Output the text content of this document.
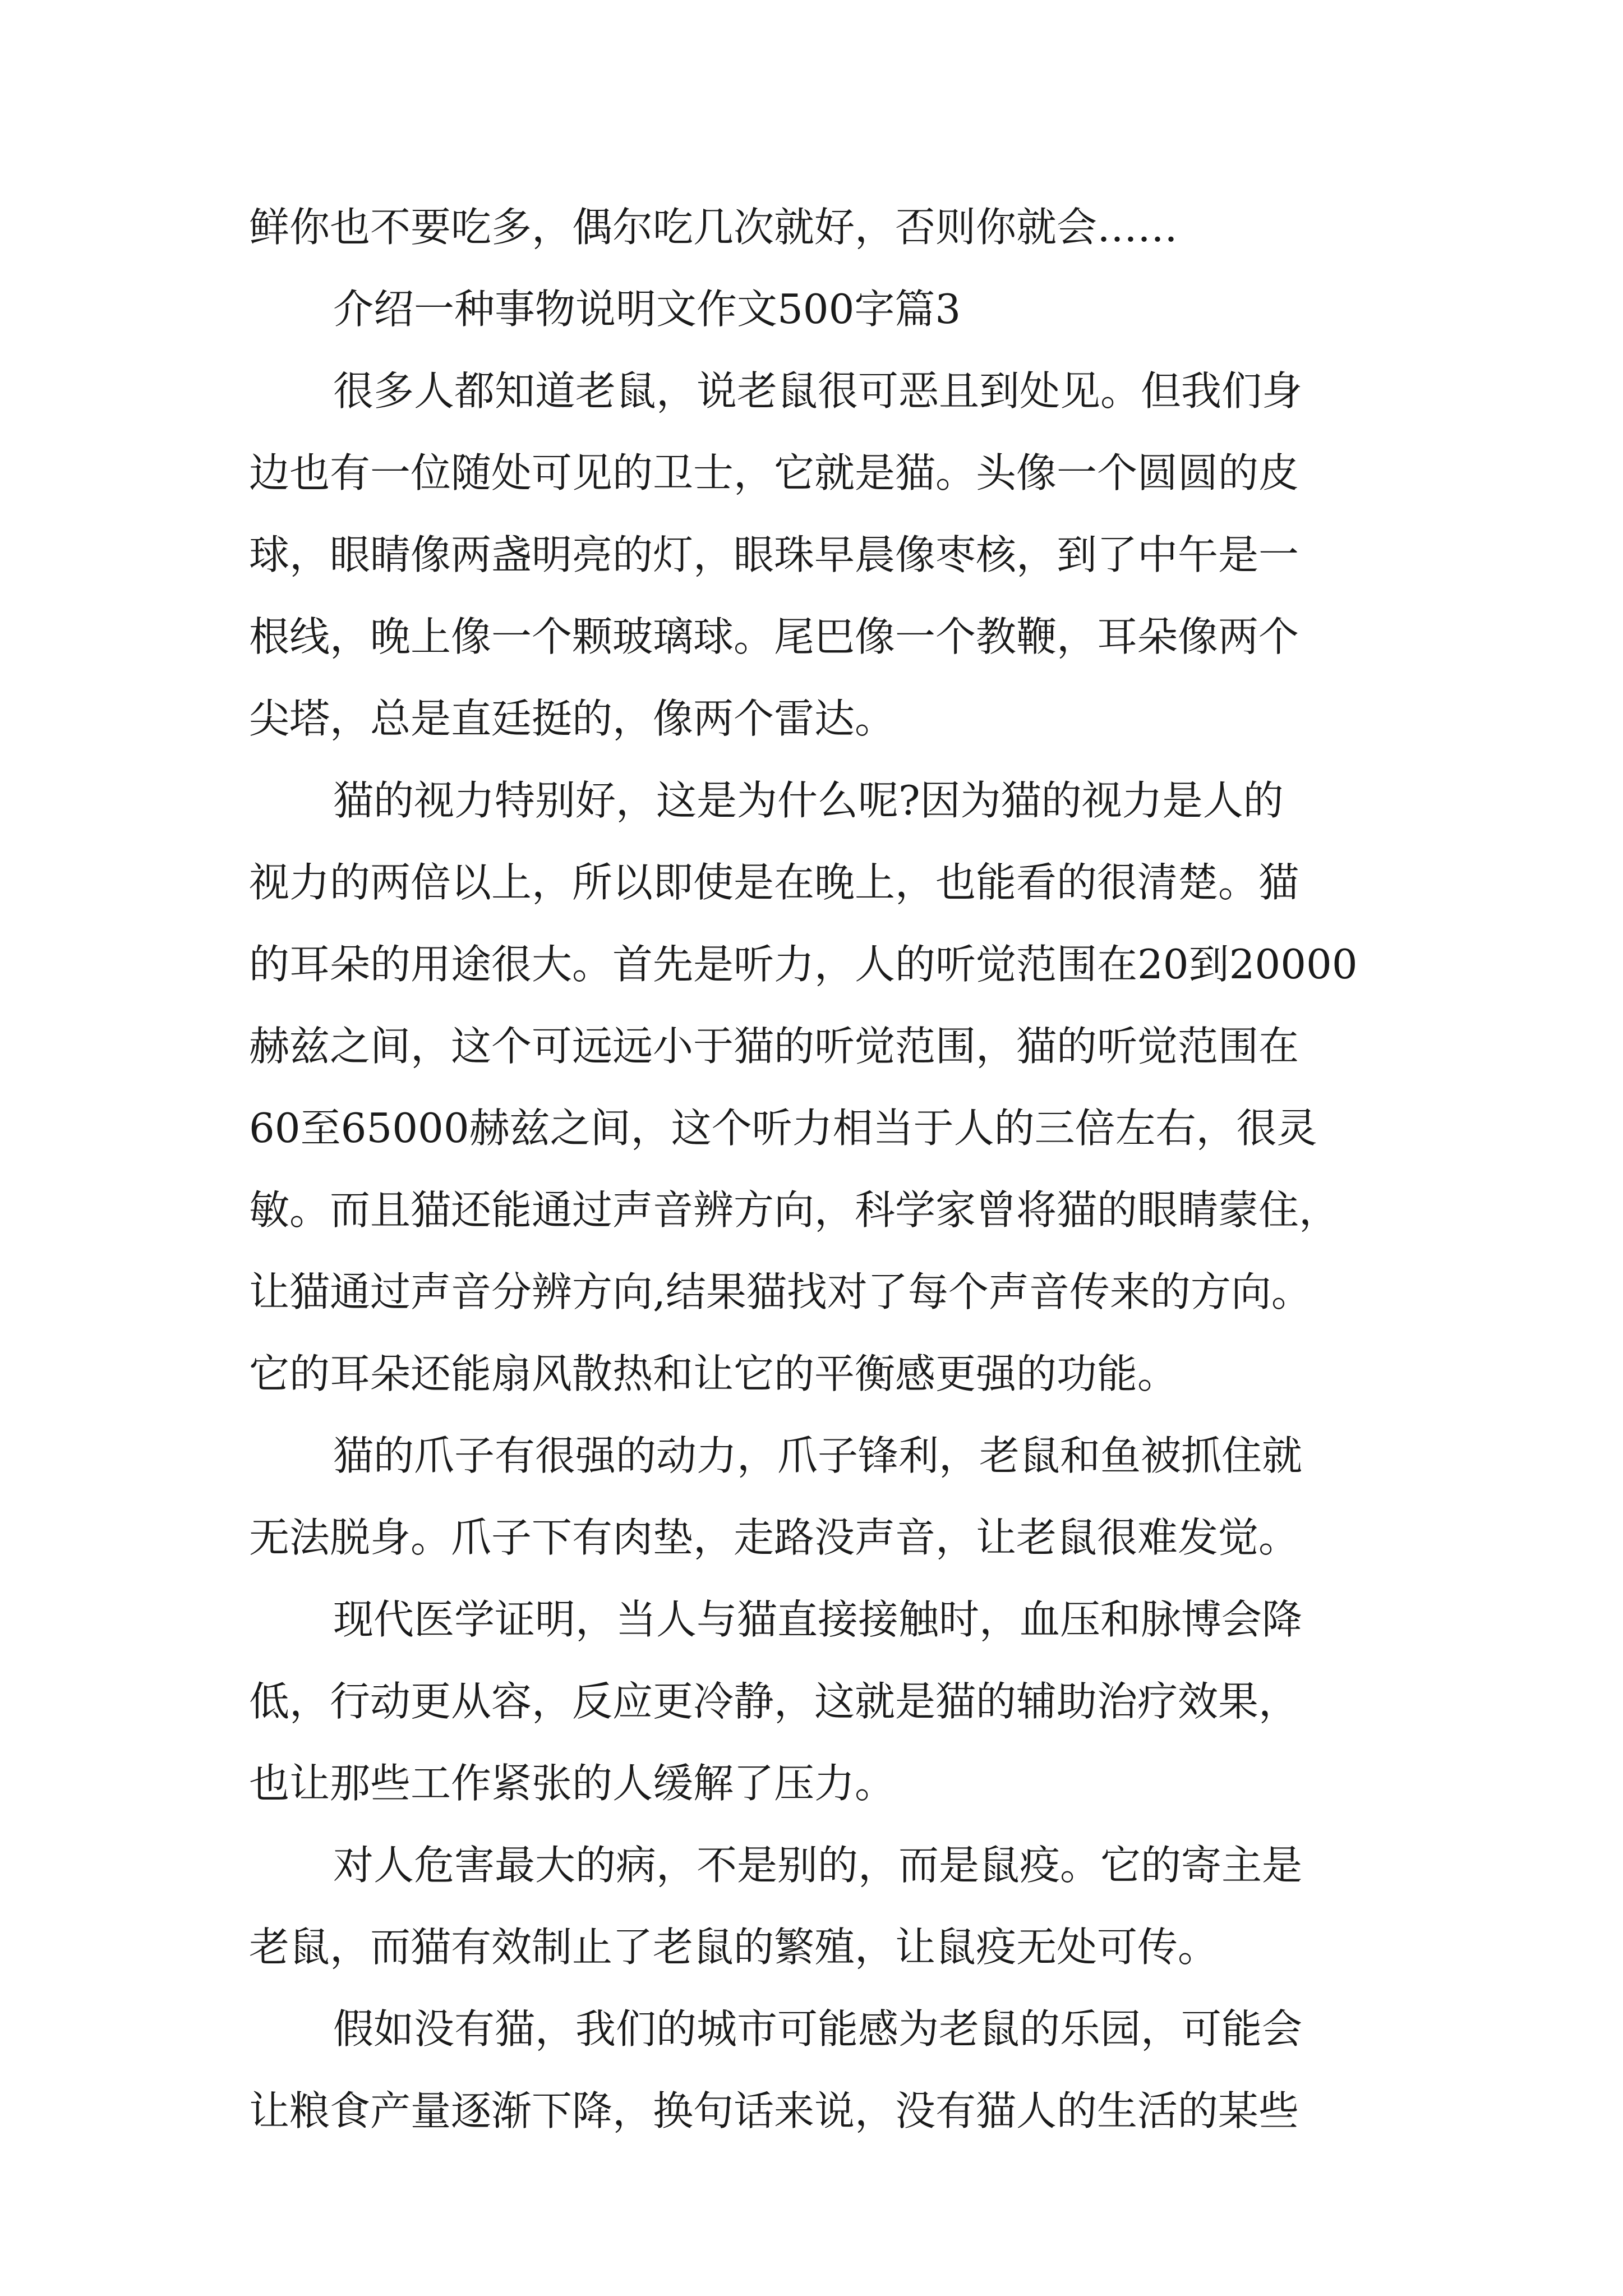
鲜你也不要吃多，偶尔吃几次就好，否则你就会……
介绍一种事物说明文作文500字篇3
很多人都知道老鼠，说老鼠很可恶且到处见。但我们身
边也有一位随处可见的卫士，它就是猫。头像一个圆圆的皮
球，眼睛像两盏明亮的灯，眼珠早晨像枣核，到了中午是一
根线，晚上像一个颗玻璃球。尾巴像一个教鞭，耳朵像两个
尖塔，总是直廷挺的，像两个雷达。
猫的视力特别好，这是为什么呢?因为猫的视力是人的
视力的两倍以上，所以即使是在晚上，也能看的很清楚。猫
的耳朵的用途很大。首先是听力，人的听觉范围在20到20000
赫兹之间，这个可远远小于猫的听觉范围，猫的听觉范围在
60至65000赫兹之间，这个听力相当于人的三倍左右，很灵
敏。而且猫还能通过声音辨方向，科学家曾将猫的眼睛蒙住，
让猫通过声音分辨方向,结果猫找对了每个声音传来的方向。
它的耳朵还能扇风散热和让它的平衡感更强的功能。
猫的爪子有很强的动力，爪子锋利，老鼠和鱼被抓住就
无法脱身。爪子下有肉垫，走路没声音，让老鼠很难发觉。
现代医学证明，当人与猫直接接触时，血压和脉博会降
低，行动更从容，反应更冷静，这就是猫的辅助治疗效果，
也让那些工作紧张的人缓解了压力。
对人危害最大的病，不是别的，而是鼠疫。它的寄主是
老鼠，而猫有效制止了老鼠的繁殖，让鼠疫无处可传。
假如没有猫，我们的城市可能感为老鼠的乐园，可能会
让粮食产量逐渐下降，换句话来说，没有猫人的生活的某些
